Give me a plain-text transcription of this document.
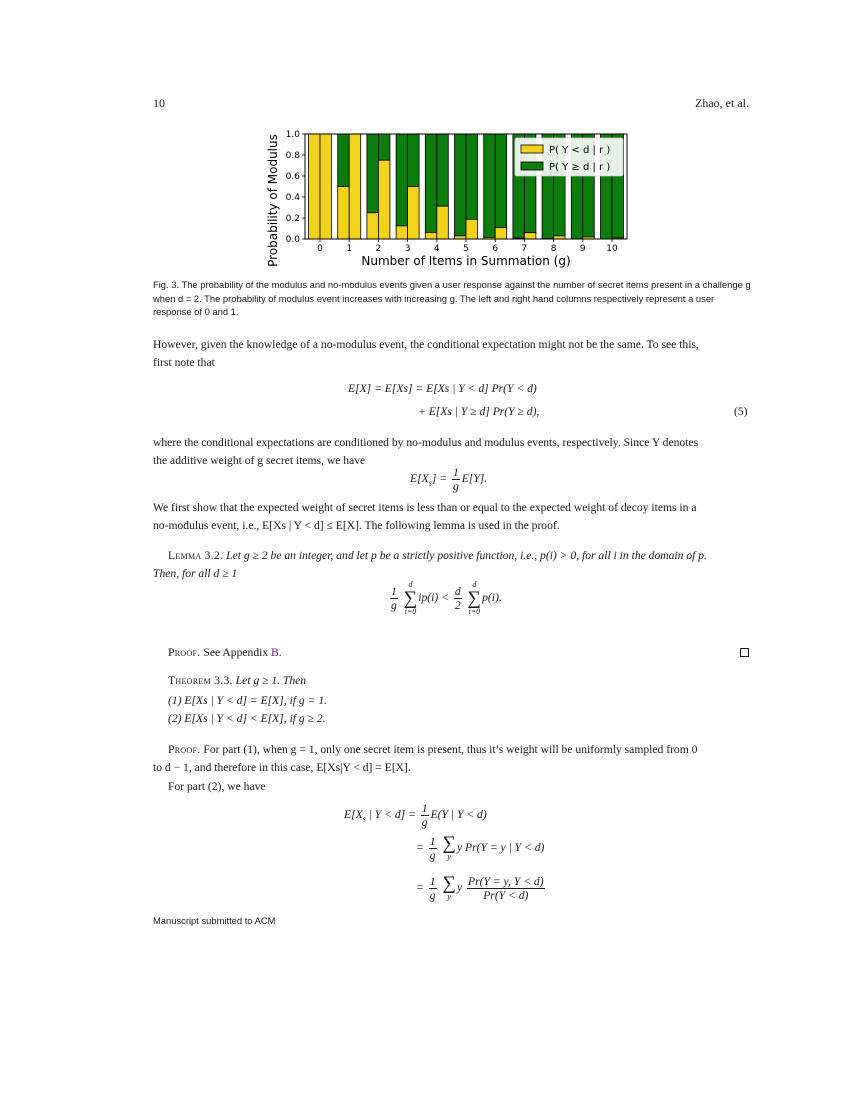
10	Zhao, et al.
0	1	2	3	4	5	6	7	8	9 10
0.0
0.2
0.4
0.6
0.8
1.0
Number of Items in Summation (g)
Probability of Modulus	P( Y < d | r )
P( Y ≥ d | r )
Fig. 3. The probability of the modulus and no-modulus events given a user response against the number of secret items present in a challenge g when d = 2. The probability of modulus event increases with increasing g. The left and right hand columns respectively represent a user response of 0 and 1.
However, given the knowledge of a no-modulus event, the conditional expectation might not be the same. To see this,
first note that
E[X] = E[Xs] = E[Xs | Y < d] Pr(Y < d)
+ E[Xs | Y ≥ d] Pr(Y ≥ d),	(5)
where the conditional expectations are conditioned by no-modulus and modulus events, respectively. Since Y denotes
the additive weight of g secret items, we have
$E[X_s] = \frac{1}{g} E[Y]$.
We first show that the expected weight of secret items is less than or equal to the expected weight of decoy items in a
no-modulus event, i.e., E[Xs | Y < d] ≤ E[X]. The following lemma is used in the proof.
Lemma 3.2. Let g ≥ 2 be an integer, and let p be a strictly positive function, i.e., p(i) > 0, for all i in the domain of p.
Then, for all d ≥ 1
$\frac{1}{g}$

d
∑
i=0
$ip(i) < \frac{d}{2}$

d
∑
i=0
p(i).
Proof. See Appendix B.
Theorem 3.3. Let g ≥ 1. Then
(1) E[Xs | Y < d] = E[X], if g = 1.
(2) E[Xs | Y < d] < E[X], if g ≥ 2.
Proof. For part (1), when g = 1, only one secret item is present, thus it’s weight will be uniformly sampled from 0
to d − 1, and therefore in this case, E[Xs|Y < d] = E[X].
For part (2), we have
$E[X_s$ | $Y < d] = \frac{1}{g} E(Y$ | Y < d)
= $\frac{1}{g}$
∑
y
y Pr(Y = y | Y < d)
= $\frac{1}{g}$
∑
y
y $\frac{Pr(Y = y, Y < d)}{Pr(Y < d)}$
Manuscript submitted to ACM
